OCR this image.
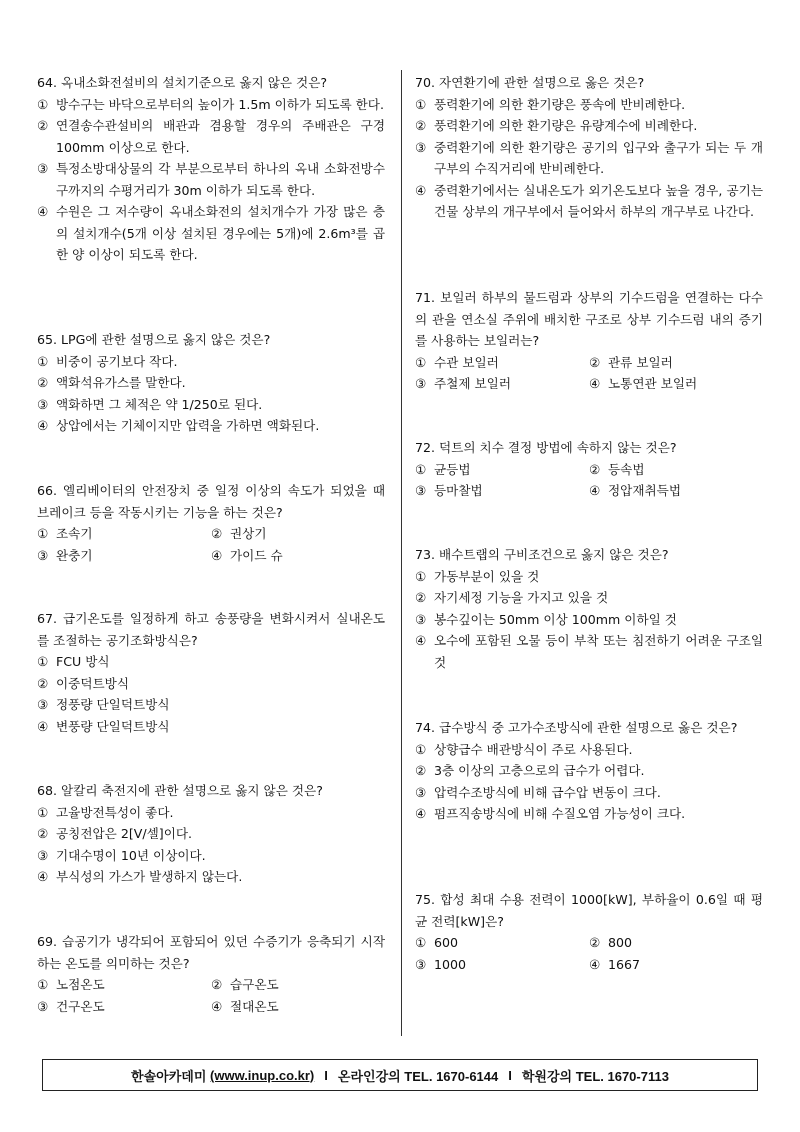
64. 옥내소화전설비의 설치기준으로 옳지 않은 것은?
① 방수구는 바닥으로부터의 높이가 1.5m 이하가 되도록 한다.
② 연결송수관설비의 배관과 겸용할 경우의 주배관은 구경 100mm 이상으로 한다.
③ 특정소방대상물의 각 부분으로부터 하나의 옥내 소화전방수구까지의 수평거리가 30m 이하가 되도록 한다.
④ 수원은 그 저수량이 옥내소화전의 설치개수가 가장 많은 층의 설치개수(5개 이상 설치된 경우에는 5개)에 2.6m³를 곱한 양 이상이 되도록 한다.
65. LPG에 관한 설명으로 옳지 않은 것은?
① 비중이 공기보다 작다.
② 액화석유가스를 말한다.
③ 액화하면 그 체적은 약 1/250로 된다.
④ 상압에서는 기체이지만 압력을 가하면 액화된다.
66. 엘리베이터의 안전장치 중 일정 이상의 속도가 되었을 때 브레이크 등을 작동시키는 기능을 하는 것은?
① 조속기	② 권상기
③ 완충기	④ 가이드 슈
67. 급기온도를 일정하게 하고 송풍량을 변화시켜서 실내온도를 조절하는 공기조화방식은?
① FCU 방식
② 이중덕트방식
③ 정풍량 단일덕트방식
④ 변풍량 단일덕트방식
68. 알칼리 축전지에 관한 설명으로 옳지 않은 것은?
① 고율방전특성이 좋다.
② 공칭전압은 2[V/셀]이다.
③ 기대수명이 10년 이상이다.
④ 부식성의 가스가 발생하지 않는다.
69. 습공기가 냉각되어 포함되어 있던 수증기가 응축되기 시작하는 온도를 의미하는 것은?
① 노점온도	② 습구온도
③ 건구온도	④ 절대온도
70. 자연환기에 관한 설명으로 옳은 것은?
① 풍력환기에 의한 환기량은 풍속에 반비례한다.
② 풍력환기에 의한 환기량은 유량계수에 비례한다.
③ 중력환기에 의한 환기량은 공기의 입구와 출구가 되는 두 개구부의 수직거리에 반비례한다.
④ 중력환기에서는 실내온도가 외기온도보다 높을 경우, 공기는 건물 상부의 개구부에서 들어와서 하부의 개구부로 나간다.
71. 보일러 하부의 물드럼과 상부의 기수드럼을 연결하는 다수의 관을 연소실 주위에 배치한 구조로 상부 기수드럼 내의 증기를 사용하는 보일러는?
① 수관 보일러	② 관류 보일러
③ 주철제 보일러	④ 노통연관 보일러
72. 덕트의 치수 결정 방법에 속하지 않는 것은?
① 균등법	② 등속법
③ 등마찰법	④ 정압재취득법
73. 배수트랩의 구비조건으로 옳지 않은 것은?
① 가동부분이 있을 것
② 자기세정 기능을 가지고 있을 것
③ 봉수깊이는 50mm 이상 100mm 이하일 것
④ 오수에 포함된 오물 등이 부착 또는 침전하기 어려운 구조일 것
74. 급수방식 중 고가수조방식에 관한 설명으로 옳은 것은?
① 상향급수 배관방식이 주로 사용된다.
② 3층 이상의 고층으로의 급수가 어렵다.
③ 압력수조방식에 비해 급수압 변동이 크다.
④ 펌프직송방식에 비해 수질오염 가능성이 크다.
75. 합성 최대 수용 전력이 1000[kW], 부하율이 0.6일 때 평균 전력[kW]은?
① 600	② 800
③ 1000	④ 1667
한솔아카데미
(www.inup.co.kr) I 온라인강의 TEL. 1670-6144 I 학원강의 TEL. 1670-7113
